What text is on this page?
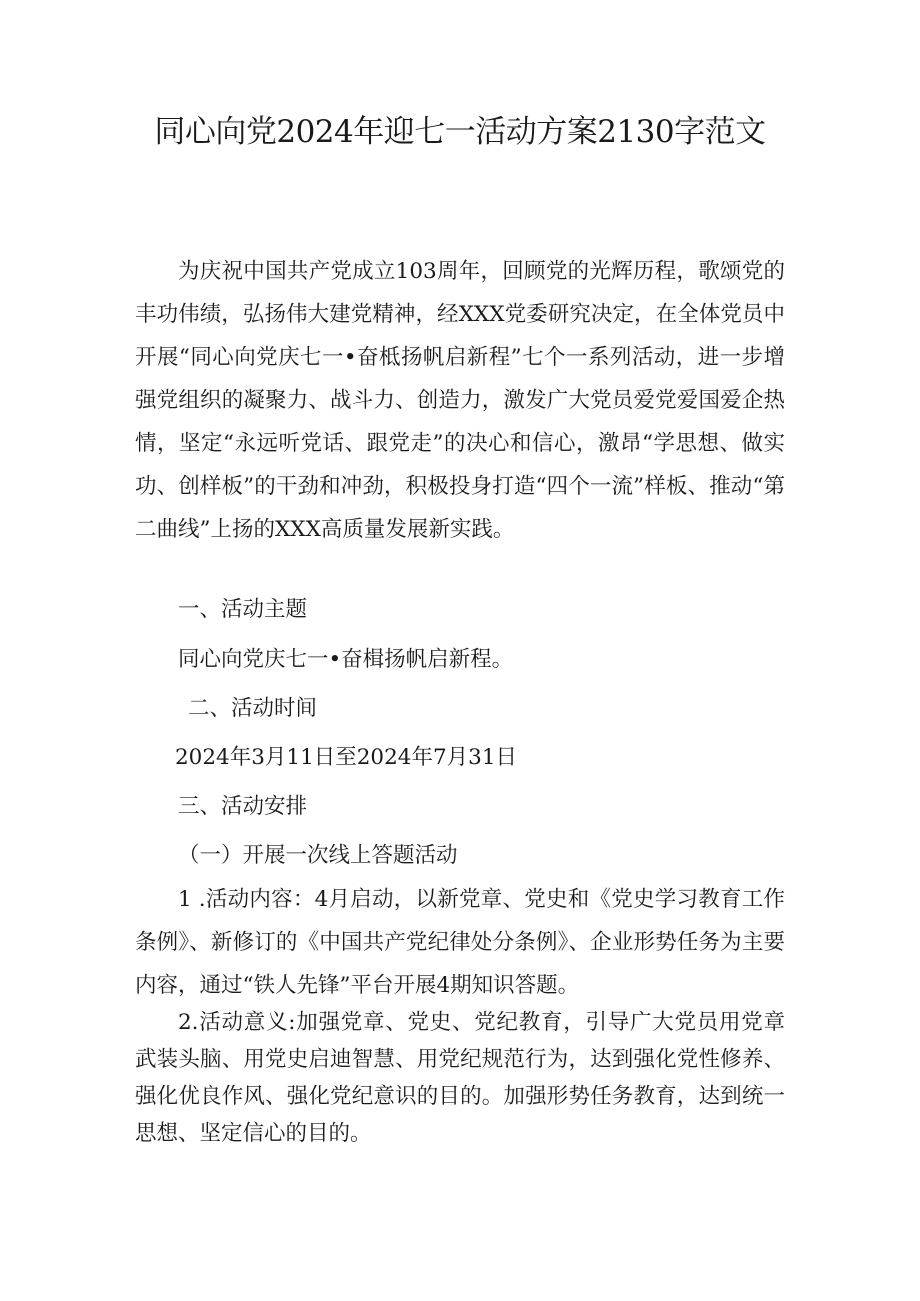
同心向党2024年迎七一活动方案2130字范文

为庆祝中国共产党成立103周年，回顾党的光辉历程，歌颂党的丰功伟绩，弘扬伟大建党精神，经XXX党委研究决定，在全体党员中开展“同心向党庆七一•奋柢扬帆启新程”七个一系列活动，进一步增强党组织的凝聚力、战斗力、创造力，激发广大党员爱党爱国爱企热情，坚定“永远听党话、跟党走”的决心和信心，激昂“学思想、做实功、创样板”的干劲和冲劲，积极投身打造“四个一流”样板、推动“第二曲线”上扬的XXX高质量发展新实践。

一、活动主题

同心向党庆七一•奋楫扬帆启新程。

二、活动时间

2024年3月11日至2024年7月31日

三、活动安排

（一）开展一次线上答题活动

1 .活动内容：4月启动，以新党章、党史和《党史学习教育工作条例》、新修订的《中国共产党纪律处分条例》、企业形势任务为主要内容，通过“铁人先锋”平台开展4期知识答题。

2.活动意义:加强党章、党史、党纪教育，引导广大党员用党章武装头脑、用党史启迪智慧、用党纪规范行为，达到强化党性修养、强化优良作风、强化党纪意识的目的。加强形势任务教育，达到统一思想、坚定信心的目的。
